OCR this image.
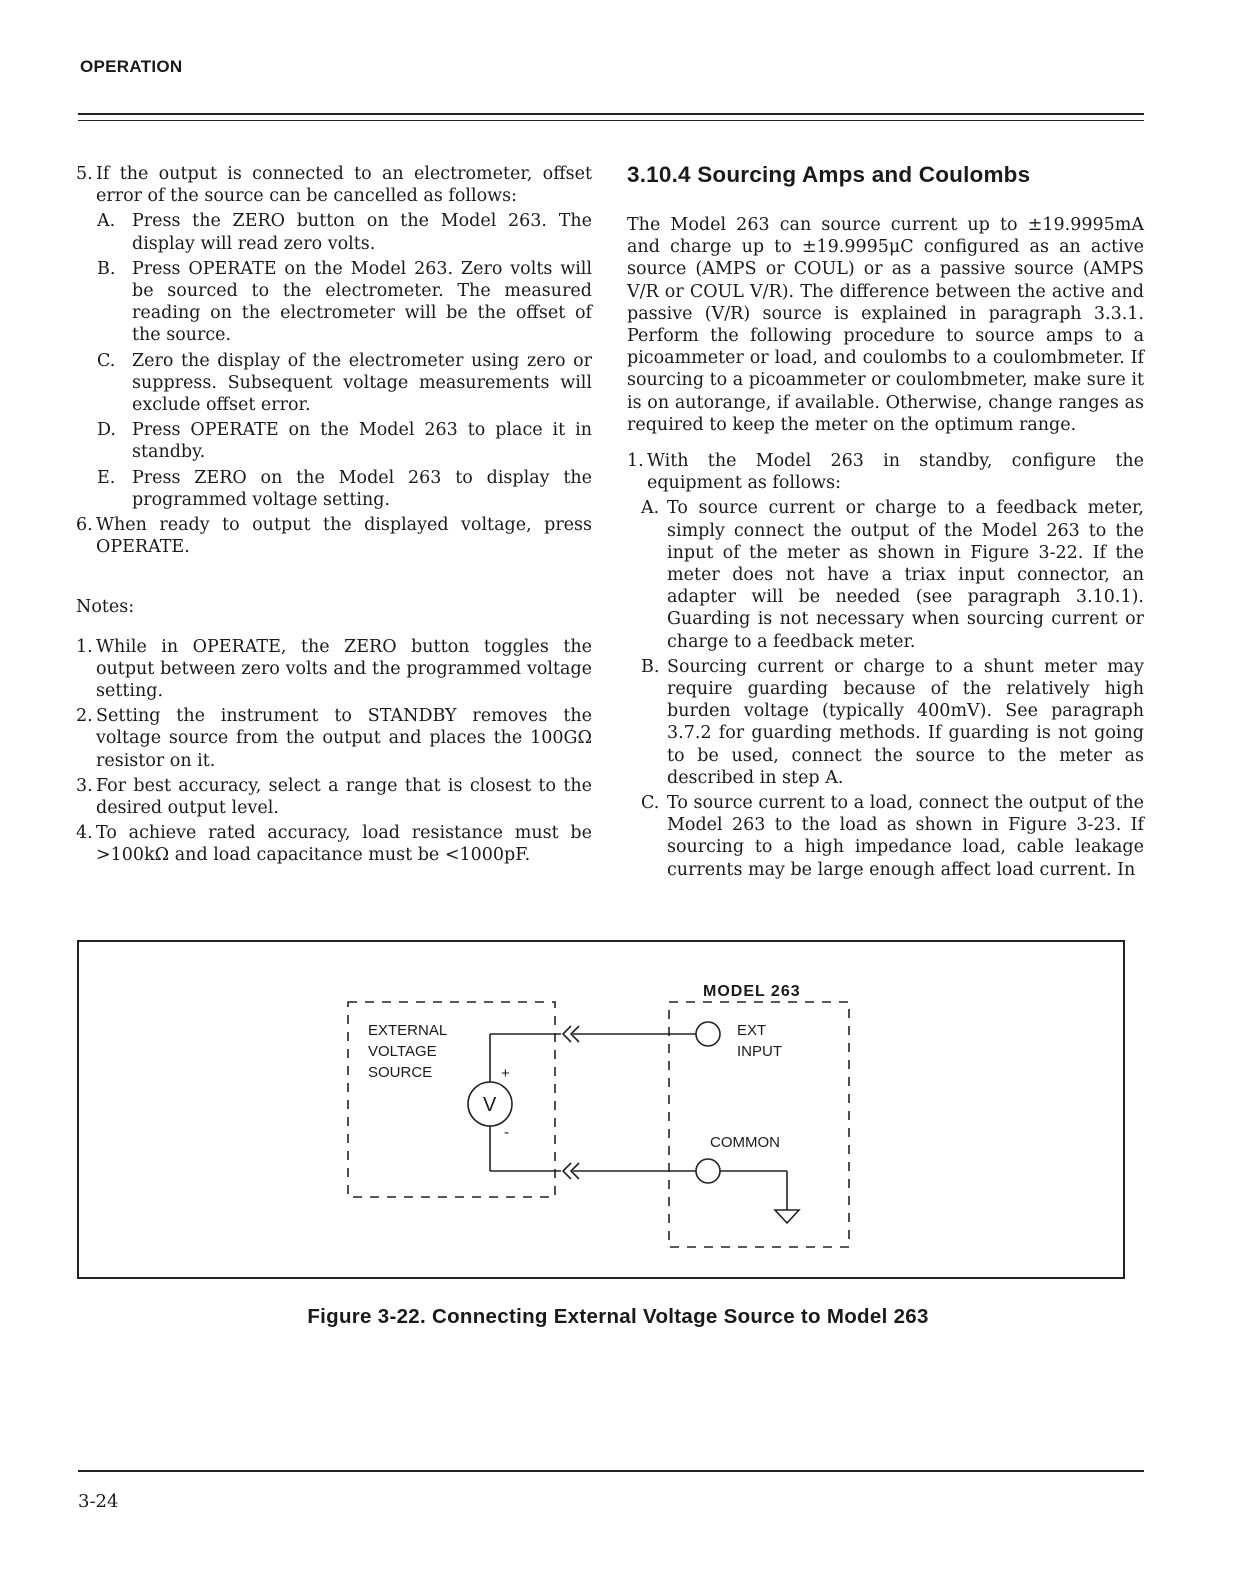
OPERATION
5. If the output is connected to an electrometer, offset error of the source can be cancelled as follows:
A. Press the ZERO button on the Model 263. The display will read zero volts.
B. Press OPERATE on the Model 263. Zero volts will be sourced to the electrometer. The measured reading on the electrometer will be the offset of the source.
C. Zero the display of the electrometer using zero or suppress. Subsequent voltage measurements will exclude offset error.
D. Press OPERATE on the Model 263 to place it in standby.
E. Press ZERO on the Model 263 to display the programmed voltage setting.
6. When ready to output the displayed voltage, press OPERATE.
Notes:
1. While in OPERATE, the ZERO button toggles the output between zero volts and the programmed voltage setting.
2. Setting the instrument to STANDBY removes the voltage source from the output and places the 100GΩ resistor on it.
3. For best accuracy, select a range that is closest to the desired output level.
4. To achieve rated accuracy, load resistance must be >100kΩ and load capacitance must be <1000pF.
3.10.4 Sourcing Amps and Coulombs
The Model 263 can source current up to ±19.9995mA and charge up to ±19.9995μC configured as an active source (AMPS or COUL) or as a passive source (AMPS V/R or COUL V/R). The difference between the active and passive (V/R) source is explained in paragraph 3.3.1. Perform the following procedure to source amps to a picoammeter or load, and coulombs to a coulombmeter. If sourcing to a picoammeter or coulombmeter, make sure it is on autorange, if available. Otherwise, change ranges as required to keep the meter on the optimum range.
1. With the Model 263 in standby, configure the equipment as follows:
A. To source current or charge to a feedback meter, simply connect the output of the Model 263 to the input of the meter as shown in Figure 3-22. If the meter does not have a triax input connector, an adapter will be needed (see paragraph 3.10.1). Guarding is not necessary when sourcing current or charge to a feedback meter.
B. Sourcing current or charge to a shunt meter may require guarding because of the relatively high burden voltage (typically 400mV). See paragraph 3.7.2 for guarding methods. If guarding is not going to be used, connect the source to the meter as described in step A.
C. To source current to a load, connect the output of the Model 263 to the load as shown in Figure 3-23. If sourcing to a high impedance load, cable leakage currents may be large enough affect load current. In
EXTERNAL
VOLTAGE
SOURCE
V
+
-
MODEL 263
EXT
INPUT
COMMON
Figure 3-22. Connecting External Voltage Source to Model 263
3-24
